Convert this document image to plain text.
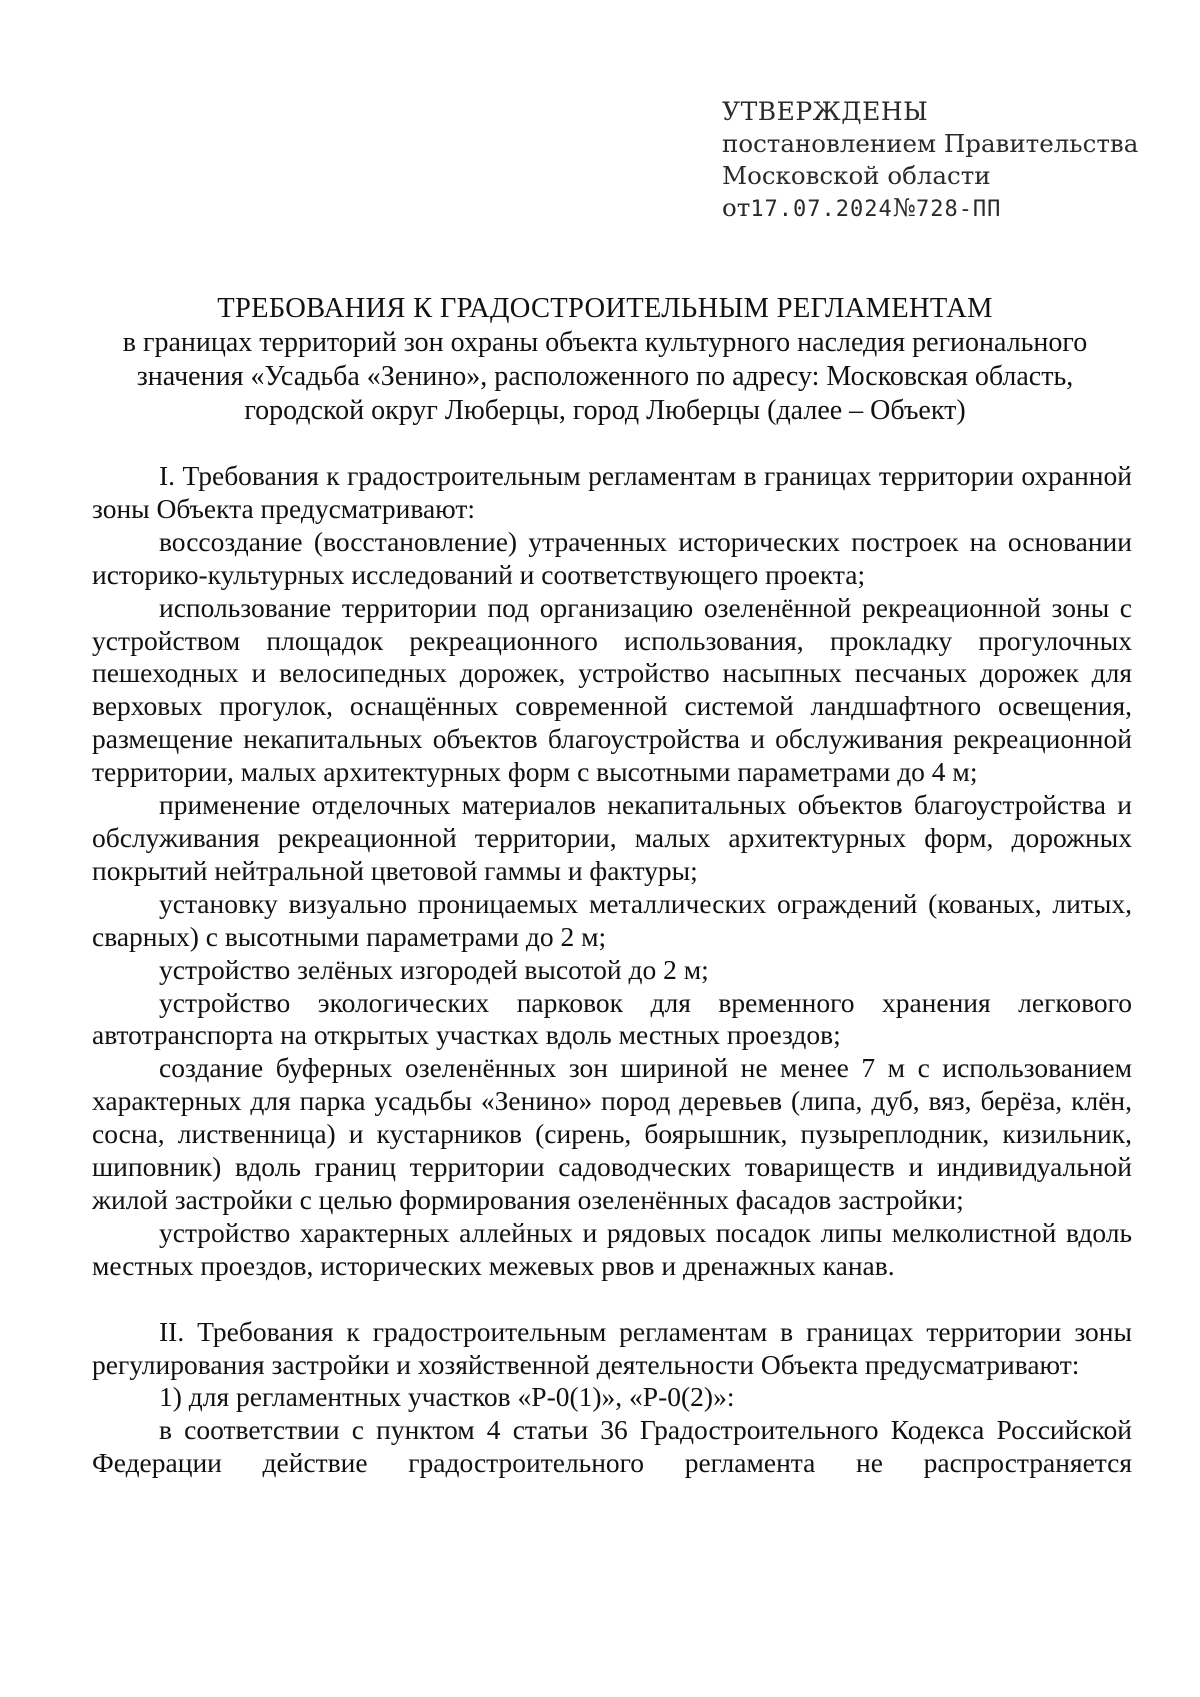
УТВЕРЖДЕНЫ
постановлением Правительства
Московской области
от17.07.2024№728-ПП
ТРЕБОВАНИЯ К ГРАДОСТРОИТЕЛЬНЫМ РЕГЛАМЕНТАМ
в границах территорий зон охраны объекта культурного наследия регионального
значения «Усадьба «Зенино», расположенного по адресу: Московская область,
городской округ Люберцы, город Люберцы (далее – Объект)

I. Требования к градостроительным регламентам в границах территории охранной зоны Объекта предусматривают:

воссоздание (восстановление) утраченных исторических построек на основании историко-культурных исследований и соответствующего проекта;

использование территории под организацию озеленённой рекреационной зоны с устройством площадок рекреационного использования, прокладку прогулочных пешеходных и велосипедных дорожек, устройство насыпных песчаных дорожек для верховых прогулок, оснащённых современной системой ландшафтного освещения, размещение некапитальных объектов благоустройства и обслуживания рекреационной территории, малых архитектурных форм с высотными параметрами до 4 м;

применение отделочных материалов некапитальных объектов благоустройства и обслуживания рекреационной территории, малых архитектурных форм, дорожных покрытий нейтральной цветовой гаммы и фактуры;

установку визуально проницаемых металлических ограждений (кованых, литых, сварных) с высотными параметрами до 2 м;

устройство зелёных изгородей высотой до 2 м;

устройство экологических парковок для временного хранения легкового автотранспорта на открытых участках вдоль местных проездов;

создание буферных озеленённых зон шириной не менее 7 м с использованием характерных для парка усадьбы «Зенино» пород деревьев (липа, дуб, вяз, берёза, клён, сосна, лиственница) и кустарников (сирень, боярышник, пузыреплодник, кизильник, шиповник) вдоль границ территории садоводческих товариществ и индивидуальной жилой застройки с целью формирования озеленённых фасадов застройки;

устройство характерных аллейных и рядовых посадок липы мелколистной вдоль местных проездов, исторических межевых рвов и дренажных канав.

II. Требования к градостроительным регламентам в границах территории зоны регулирования застройки и хозяйственной деятельности Объекта предусматривают:

1) для регламентных участков «Р-0(1)», «Р-0(2)»:

в соответствии с пунктом 4 статьи 36 Градостроительного Кодекса Российской Федерации действие градостроительного регламента не распространяется
